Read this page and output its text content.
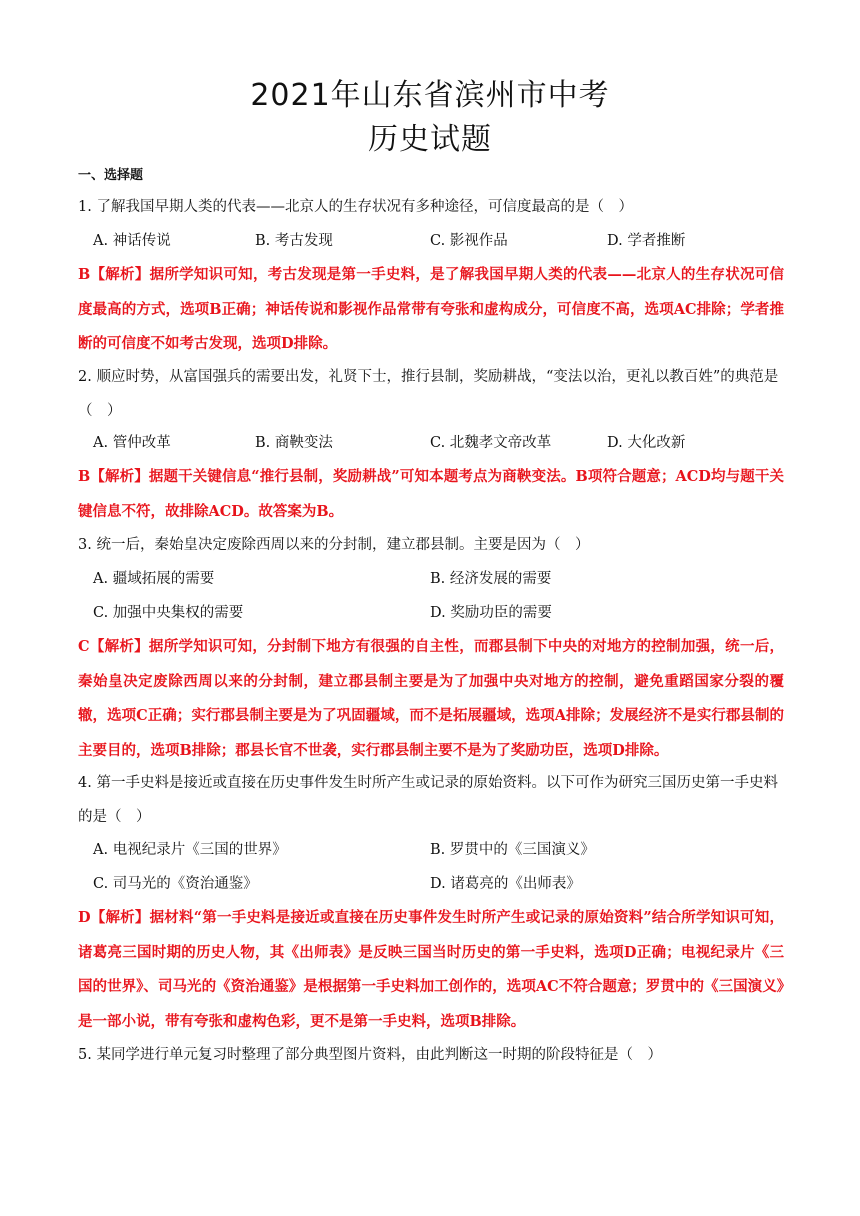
2021年山东省滨州市中考
历史试题
一、选择题
1. 了解我国早期人类的代表——北京人的生存状况有多种途径，可信度最高的是（　）
A. 神话传说	B. 考古发现	C. 影视作品	D. 学者推断
B【解析】据所学知识可知，考古发现是第一手史料，是了解我国早期人类的代表——北京人的生存状况可信度最高的方式，选项B正确；神话传说和影视作品常带有夸张和虚构成分，可信度不高，选项AC排除；学者推断的可信度不如考古发现，选项D排除。
2. 顺应时势，从富国强兵的需要出发，礼贤下士，推行县制，奖励耕战，“变法以治，更礼以教百姓”的典范是（　）
A. 管仲改革	B. 商鞅变法	C. 北魏孝文帝改革	D. 大化改新
B【解析】据题干关键信息“推行县制，奖励耕战”可知本题考点为商鞅变法。B项符合题意；ACD均与题干关键信息不符，故排除ACD。故答案为B。
3. 统一后，秦始皇决定废除西周以来的分封制，建立郡县制。主要是因为（　）
A. 疆域拓展的需要	B. 经济发展的需要
C. 加强中央集权的需要	D. 奖励功臣的需要
C【解析】据所学知识可知，分封制下地方有很强的自主性，而郡县制下中央的对地方的控制加强，统一后，秦始皇决定废除西周以来的分封制，建立郡县制主要是为了加强中央对地方的控制，避免重蹈国家分裂的覆辙，选项C正确；实行郡县制主要是为了巩固疆域，而不是拓展疆域，选项A排除；发展经济不是实行郡县制的主要目的，选项B排除；郡县长官不世袭，实行郡县制主要不是为了奖励功臣，选项D排除。
4. 第一手史料是接近或直接在历史事件发生时所产生或记录的原始资料。以下可作为研究三国历史第一手史料的是（　）
A. 电视纪录片《三国的世界》	B. 罗贯中的《三国演义》
C. 司马光的《资治通鉴》	D. 诸葛亮的《出师表》
D【解析】据材料“第一手史料是接近或直接在历史事件发生时所产生或记录的原始资料”结合所学知识可知，诸葛亮三国时期的历史人物，其《出师表》是反映三国当时历史的第一手史料，选项D正确；电视纪录片《三国的世界》、司马光的《资治通鉴》是根据第一手史料加工创作的，选项AC不符合题意；罗贯中的《三国演义》是一部小说，带有夸张和虚构色彩，更不是第一手史料，选项B排除。
5. 某同学进行单元复习时整理了部分典型图片资料，由此判断这一时期的阶段特征是（　）
